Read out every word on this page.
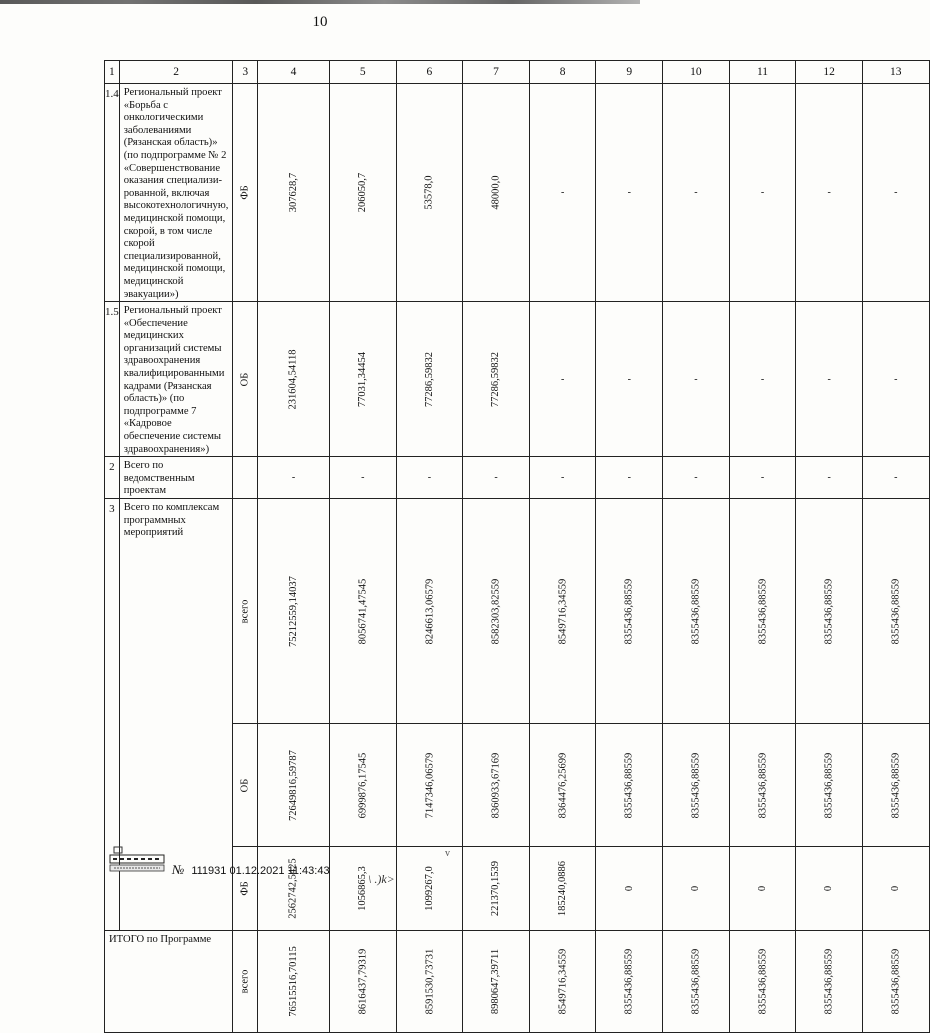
10
1	2	3	4	5	6	7	8	9	10	11	12	13
1.4	Региональный проект «Борьба с онкологическими заболеваниями (Рязанская область)» (по подпрограмме № 2 «Совершенствование оказания специализи-рованной, включая высокотехнологичную, медицинской помощи, скорой, в том числе скорой специализированной, медицинской помощи, медицинской эвакуации»)	ФБ	307628,7	206050,7	53578,0	48000,0	-	-	-	-	-	-
1.5	Региональный проект «Обеспечение медицинских организаций системы здравоохранения квалифицированными кадрами (Рязанская область)» (по подпрограмме 7 «Кадровое обеспечение системы здравоохранения»)	ОБ	231604,54118	77031,34454	77286,59832	77286,59832	-	-	-	-	-	-
2	Всего по ведомственным проектам		-	-	-	-	-	-	-	-	-	-
3	Всего по комплексам программных мероприятий	всего	75212559,14037	8056741,47545	8246613,06579	8582303,82559	8549716,34559	8355436,88559	8355436,88559	8355436,88559	8355436,88559	8355436,88559
		ОБ	72649816,59787	6999876,17545	7147346,06579	8360933,67169	8364476,25699	8355436,88559	8355436,88559	8355436,88559	8355436,88559	8355436,88559
		ФБ	2562742,5425	1056865,3	1099267,0	221370,1539	185240,0886	0	0	0	0	0
ИТОГО по Программе		всего	76515516,70115	8616437,79319	8591530,73731	8980647,39711	8549716,34559	8355436,88559	8355436,88559	8355436,88559	8355436,88559	8355436,88559
v
№ 111931 01.12.2021 11:43:43
\ .)k>
